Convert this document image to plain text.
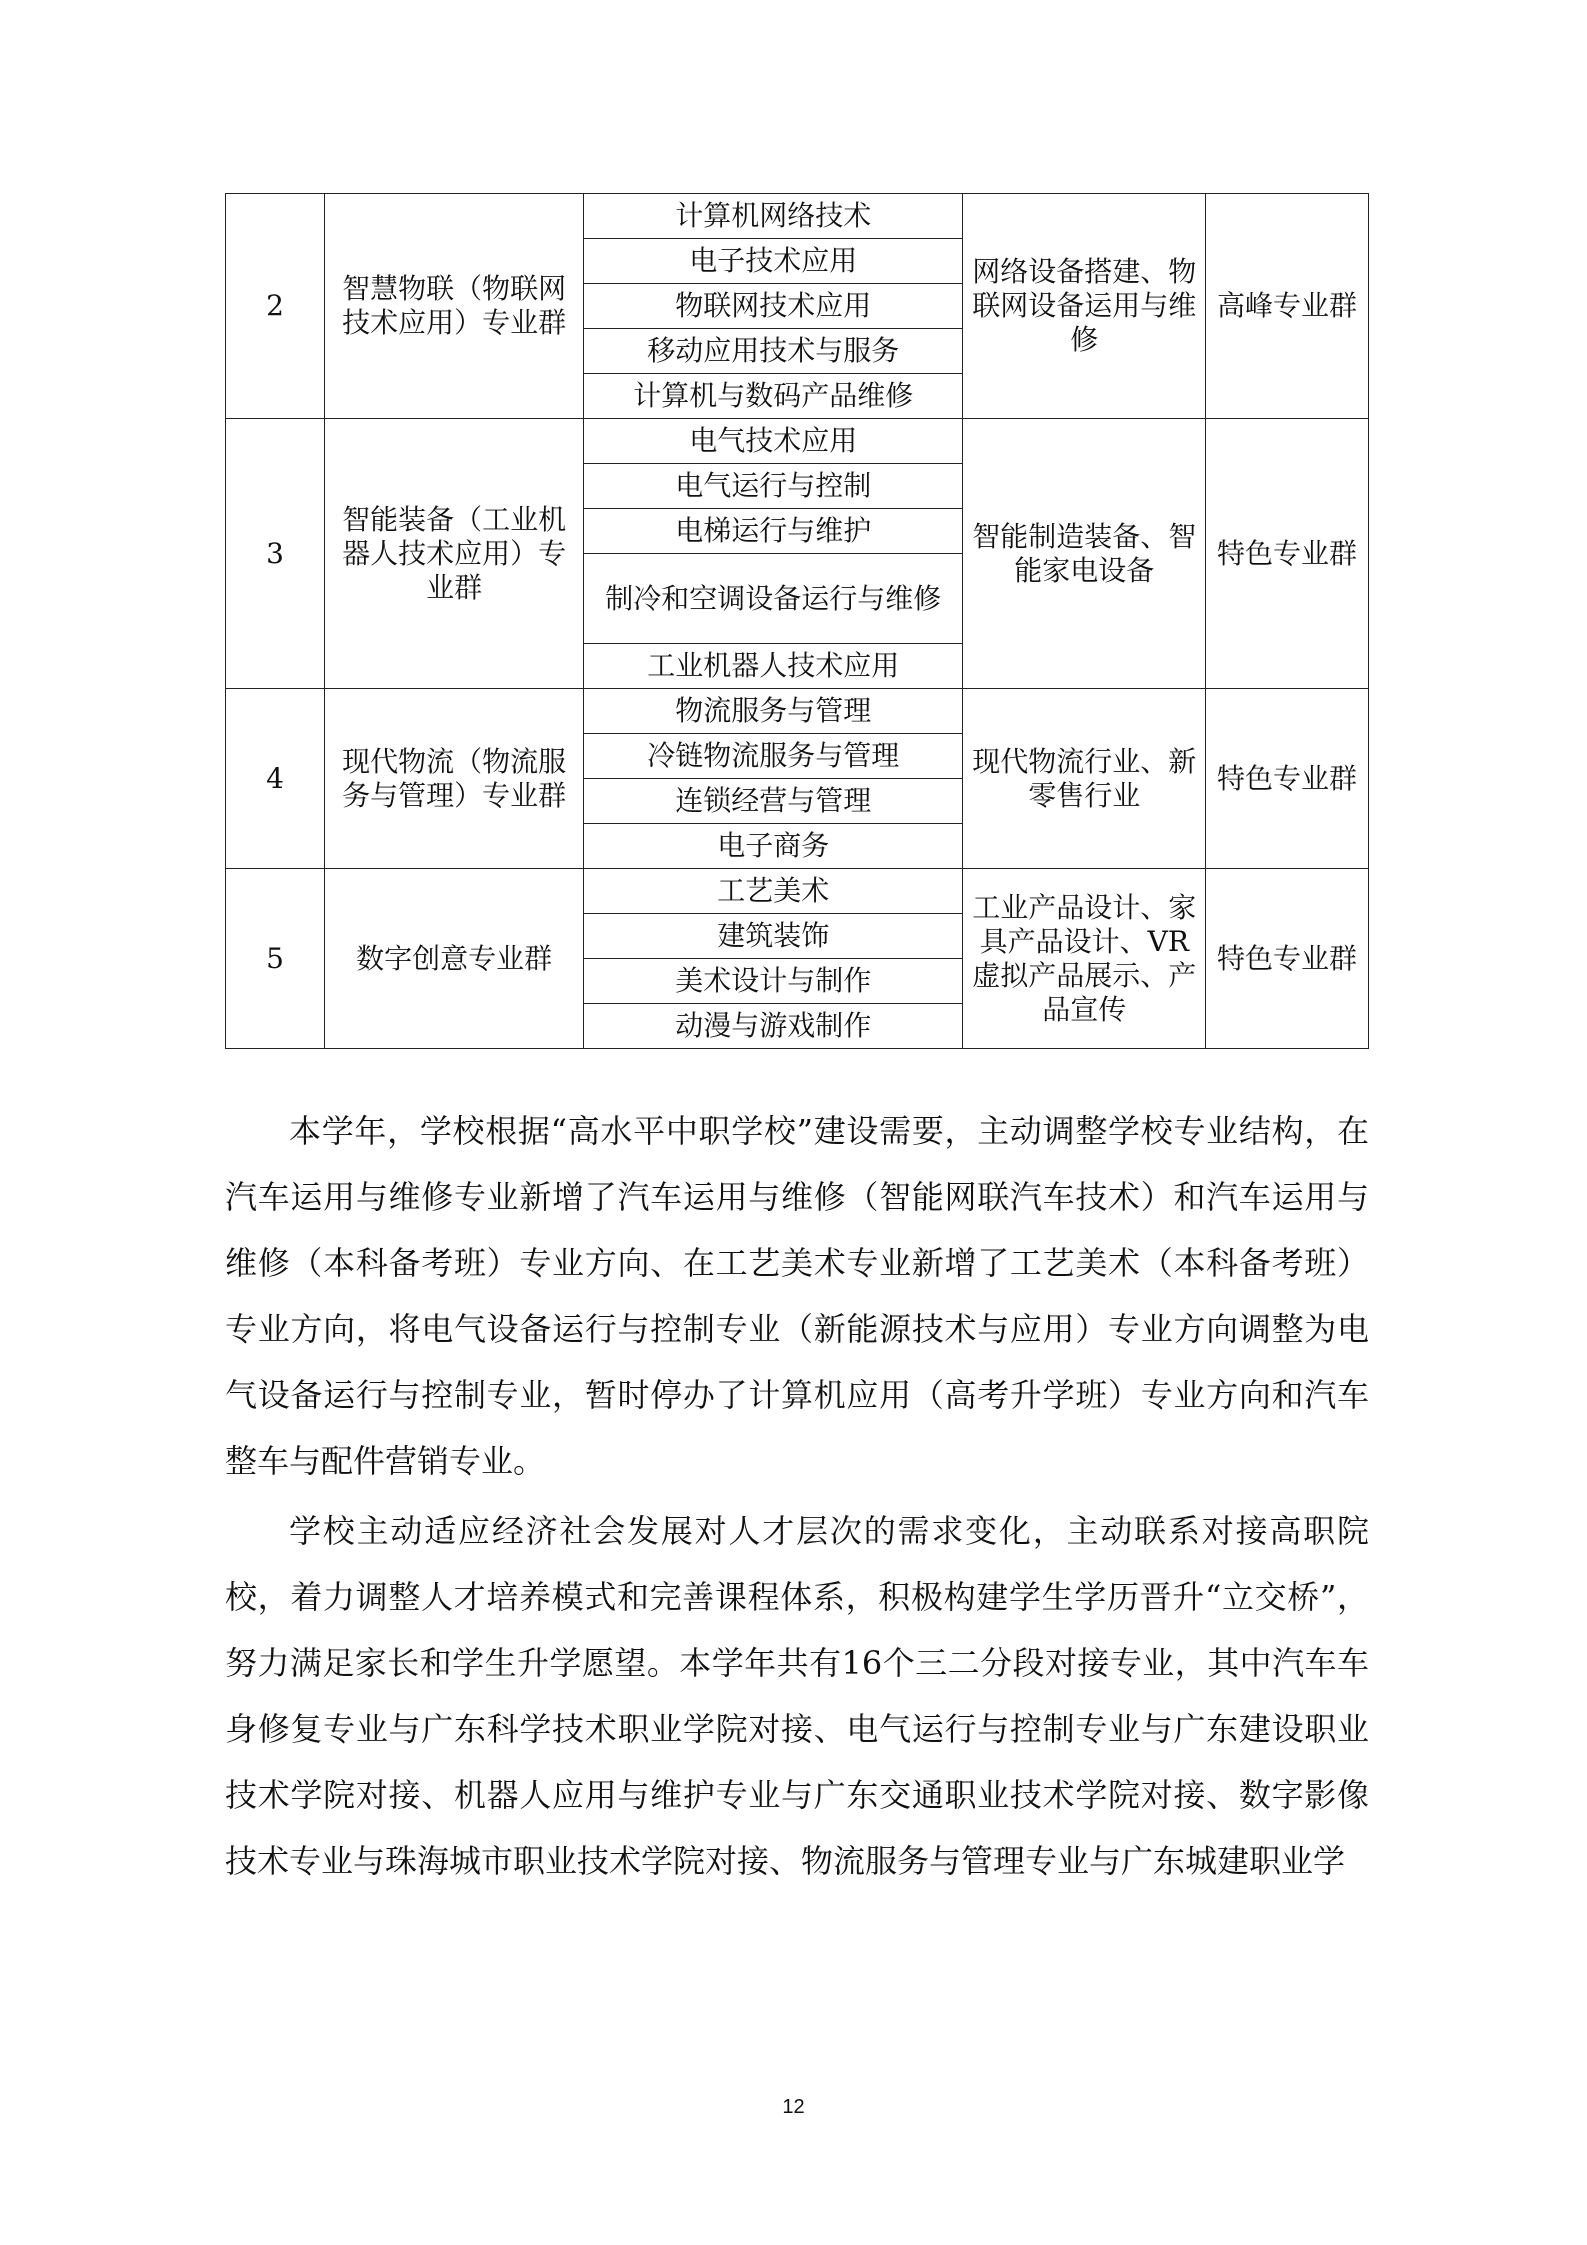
2	智慧物联（物联网技术应用）专业群	计算机网络技术	网络设备搭建、物联网设备运用与维修	高峰专业群
		电子技术应用		
		物联网技术应用		
		移动应用技术与服务		
		计算机与数码产品维修		
3	智能装备（工业机器人技术应用）专业群	电气技术应用	智能制造装备、智能家电设备	特色专业群
		电气运行与控制		
		电梯运行与维护		
		制冷和空调设备运行与维修		
		工业机器人技术应用		
4	现代物流（物流服务与管理）专业群	物流服务与管理	现代物流行业、新零售行业	特色专业群
		冷链物流服务与管理		
		连锁经营与管理		
		电子商务		
5	数字创意专业群	工艺美术	工业产品设计、家具产品设计、VR虚拟产品展示、产品宣传	特色专业群
		建筑装饰		
		美术设计与制作		
		动漫与游戏制作		

本学年，学校根据“高水平中职学校”建设需要，主动调整学校专业结构，在汽车运用与维修专业新增了汽车运用与维修（智能网联汽车技术）和汽车运用与维修（本科备考班）专业方向、在工艺美术专业新增了工艺美术（本科备考班）专业方向，将电气设备运行与控制专业（新能源技术与应用）专业方向调整为电气设备运行与控制专业，暂时停办了计算机应用（高考升学班）专业方向和汽车整车与配件营销专业。

学校主动适应经济社会发展对人才层次的需求变化，主动联系对接高职院校，着力调整人才培养模式和完善课程体系，积极构建学生学历晋升“立交桥”，努力满足家长和学生升学愿望。本学年共有16个三二分段对接专业，其中汽车车身修复专业与广东科学技术职业学院对接、电气运行与控制专业与广东建设职业技术学院对接、机器人应用与维护专业与广东交通职业技术学院对接、数字影像技术专业与珠海城市职业技术学院对接、物流服务与管理专业与广东城建职业学

12
